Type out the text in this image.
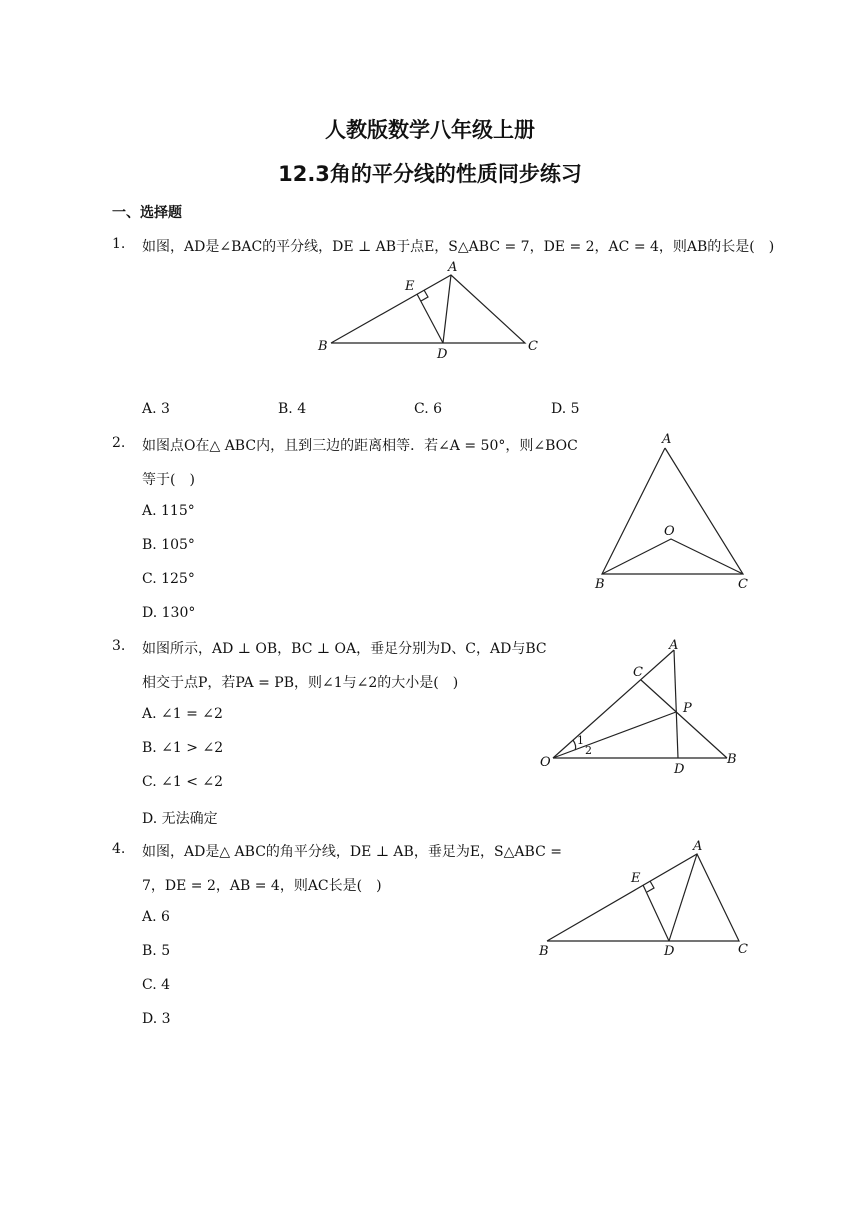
人教版数学八年级上册
12.3角的平分线的性质同步练习
一、选择题
1. 如图，AD是∠BAC的平分线，DE ⊥ AB于点E，S△ABC = 7，DE = 2，AC = 4，则AB的长是(　)
A
B	C
D
E
A. 3	B. 4	C. 6	D. 5
2. 如图点O在△ ABC内，且到三边的距离相等．若∠A = 50°，则∠BOC
等于(　)
A. 115°
B. 105°
C. 125°
D. 130°
A
B	C
O
3. 如图所示，AD ⊥ OB，BC ⊥ OA，垂足分别为D、C，AD与BC
相交于点P，若PA = PB，则∠1与∠2的大小是(　)
A. ∠1 = ∠2
B. ∠1 > ∠2
C. ∠1 < ∠2
D. 无法确定
A
B
C
D
O
P
1
2
4. 如图，AD是△ ABC的角平分线，DE ⊥ AB，垂足为E，S△ABC =
7，DE = 2，AB = 4，则AC长是(　)
A. 6
B. 5
C. 4
D. 3
A
B	C
D
E
